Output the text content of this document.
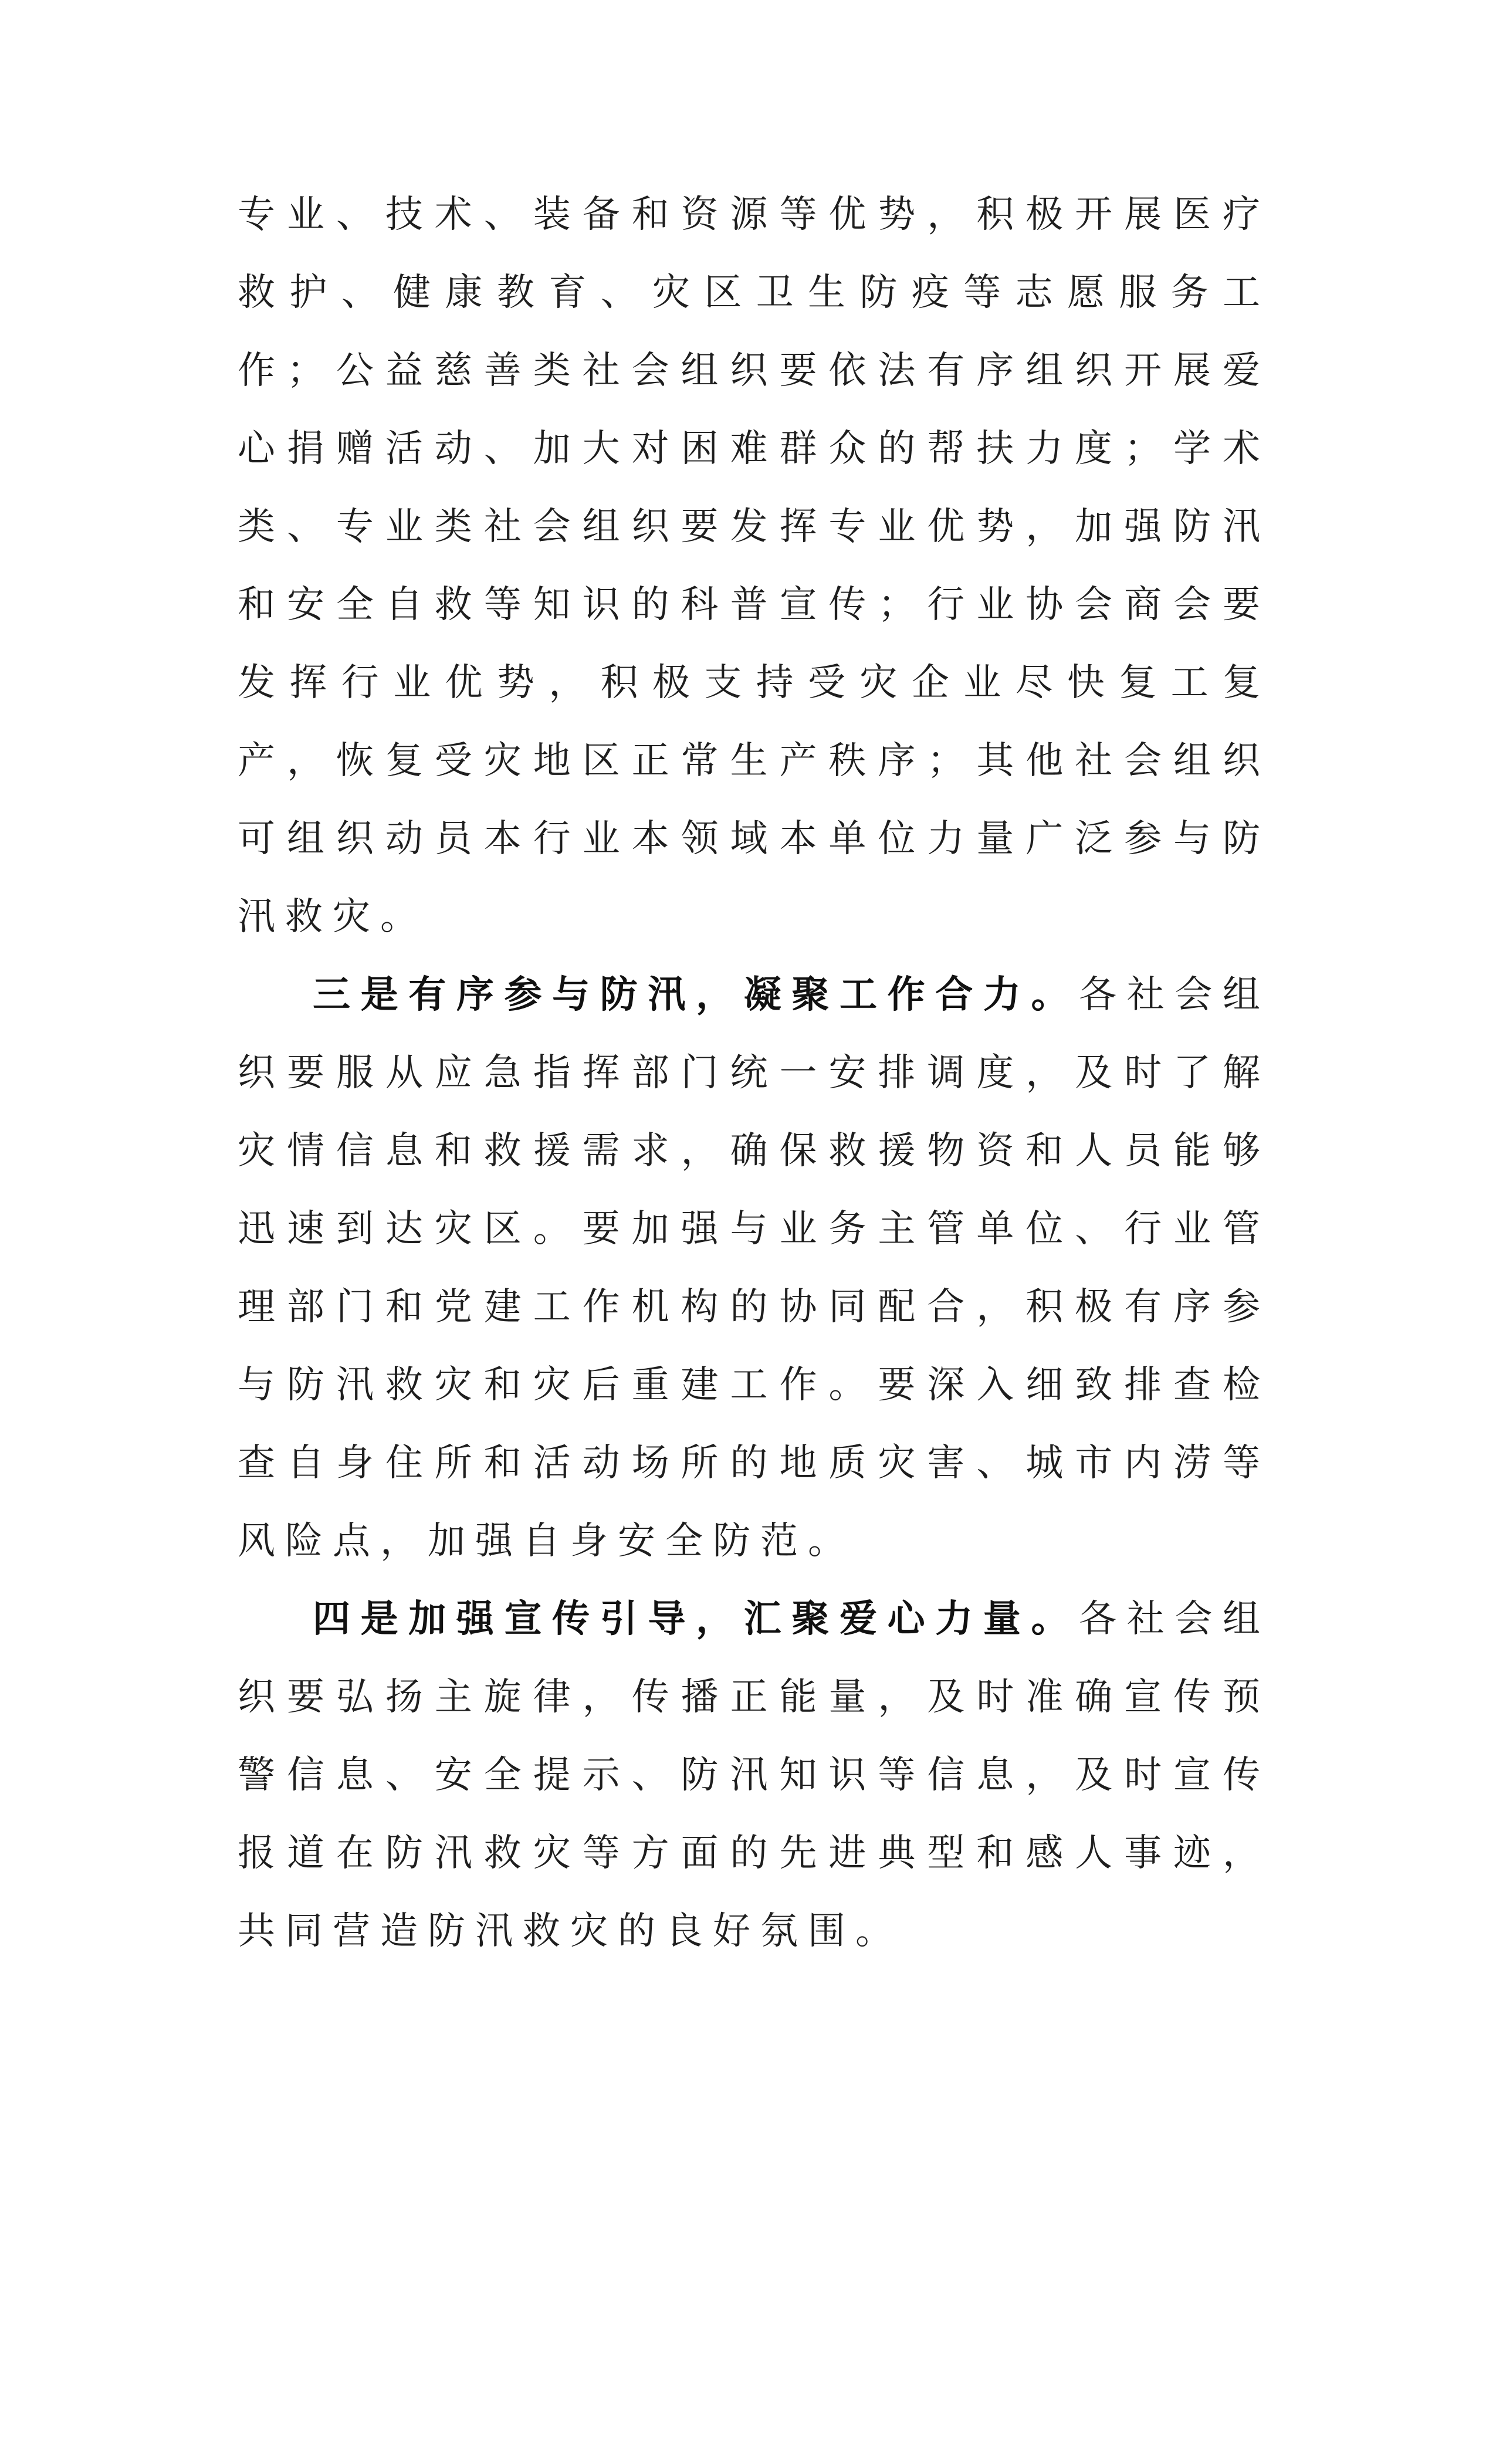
专业、技术、装备和资源等优势，积极开展医疗救护、健康教育、灾区卫生防疫等志愿服务工作；公益慈善类社会组织要依法有序组织开展爱心捐赠活动、加大对困难群众的帮扶力度；学术类、专业类社会组织要发挥专业优势，加强防汛和安全自救等知识的科普宣传；行业协会商会要发挥行业优势，积极支持受灾企业尽快复工复产，恢复受灾地区正常生产秩序；其他社会组织可组织动员本行业本领域本单位力量广泛参与防汛救灾。

三是有序参与防汛，凝聚工作合力。各社会组织要服从应急指挥部门统一安排调度，及时了解灾情信息和救援需求，确保救援物资和人员能够迅速到达灾区。要加强与业务主管单位、行业管理部门和党建工作机构的协同配合，积极有序参与防汛救灾和灾后重建工作。要深入细致排查检查自身住所和活动场所的地质灾害、城市内涝等风险点，加强自身安全防范。

四是加强宣传引导，汇聚爱心力量。各社会组织要弘扬主旋律，传播正能量，及时准确宣传预警信息、安全提示、防汛知识等信息，及时宣传报道在防汛救灾等方面的先进典型和感人事迹，共同营造防汛救灾的良好氛围。
